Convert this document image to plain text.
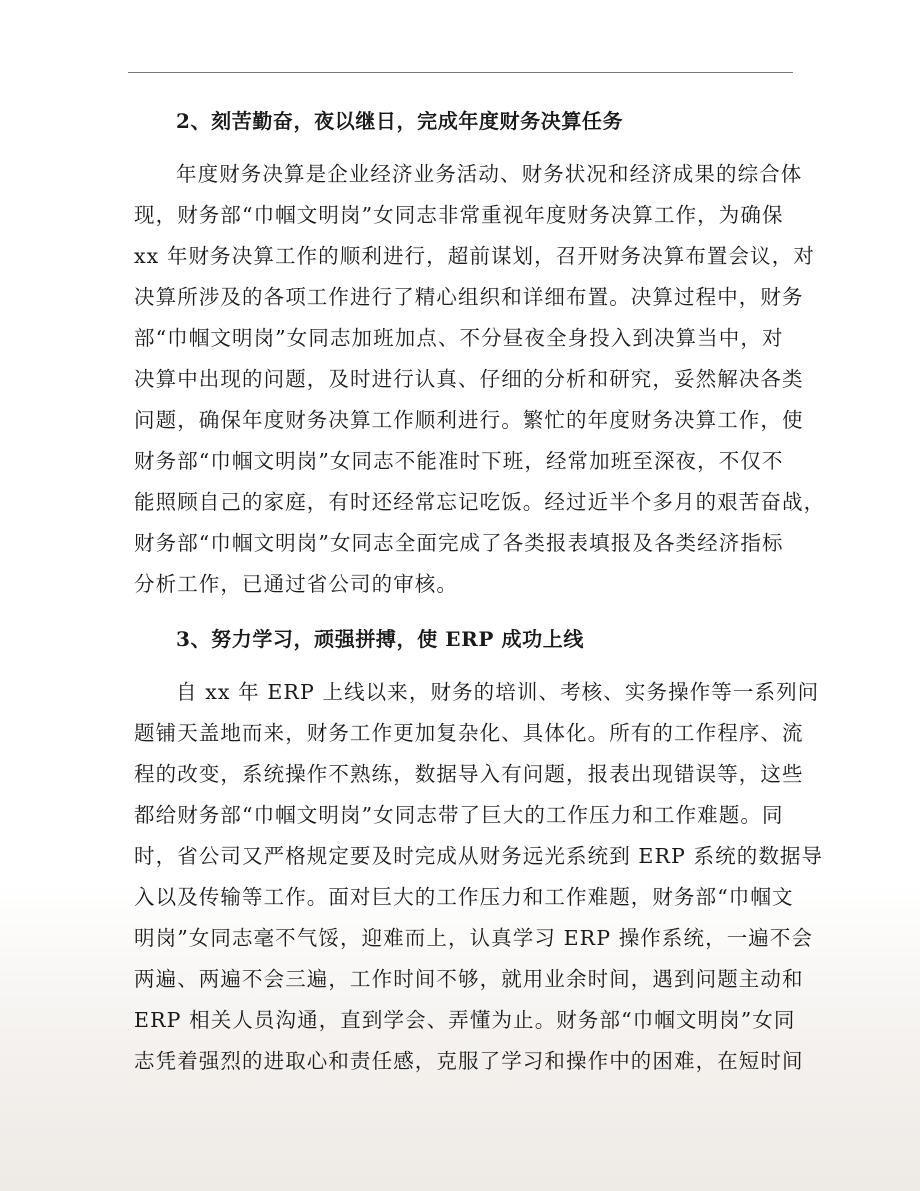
2、刻苦勤奋，夜以继日，完成年度财务决算任务
年度财务决算是企业经济业务活动、财务状况和经济成果的综合体
现，财务部“巾帼文明岗”女同志非常重视年度财务决算工作，为确保
xx 年财务决算工作的顺利进行，超前谋划，召开财务决算布置会议，对
决算所涉及的各项工作进行了精心组织和详细布置。决算过程中，财务
部“巾帼文明岗”女同志加班加点、不分昼夜全身投入到决算当中，对
决算中出现的问题，及时进行认真、仔细的分析和研究，妥然解决各类
问题，确保年度财务决算工作顺利进行。繁忙的年度财务决算工作，使
财务部“巾帼文明岗”女同志不能准时下班，经常加班至深夜，不仅不
能照顾自己的家庭，有时还经常忘记吃饭。经过近半个多月的艰苦奋战，
财务部“巾帼文明岗”女同志全面完成了各类报表填报及各类经济指标
分析工作，已通过省公司的审核。
3、努力学习，顽强拼搏，使 ERP 成功上线
自 xx 年 ERP 上线以来，财务的培训、考核、实务操作等一系列问
题铺天盖地而来，财务工作更加复杂化、具体化。所有的工作程序、流
程的改变，系统操作不熟练，数据导入有问题，报表出现错误等，这些
都给财务部“巾帼文明岗”女同志带了巨大的工作压力和工作难题。同
时，省公司又严格规定要及时完成从财务远光系统到 ERP 系统的数据导
入以及传输等工作。面对巨大的工作压力和工作难题，财务部“巾帼文
明岗”女同志毫不气馁，迎难而上，认真学习 ERP 操作系统，一遍不会
两遍、两遍不会三遍，工作时间不够，就用业余时间，遇到问题主动和
ERP 相关人员沟通，直到学会、弄懂为止。财务部“巾帼文明岗”女同
志凭着强烈的进取心和责任感，克服了学习和操作中的困难，在短时间
